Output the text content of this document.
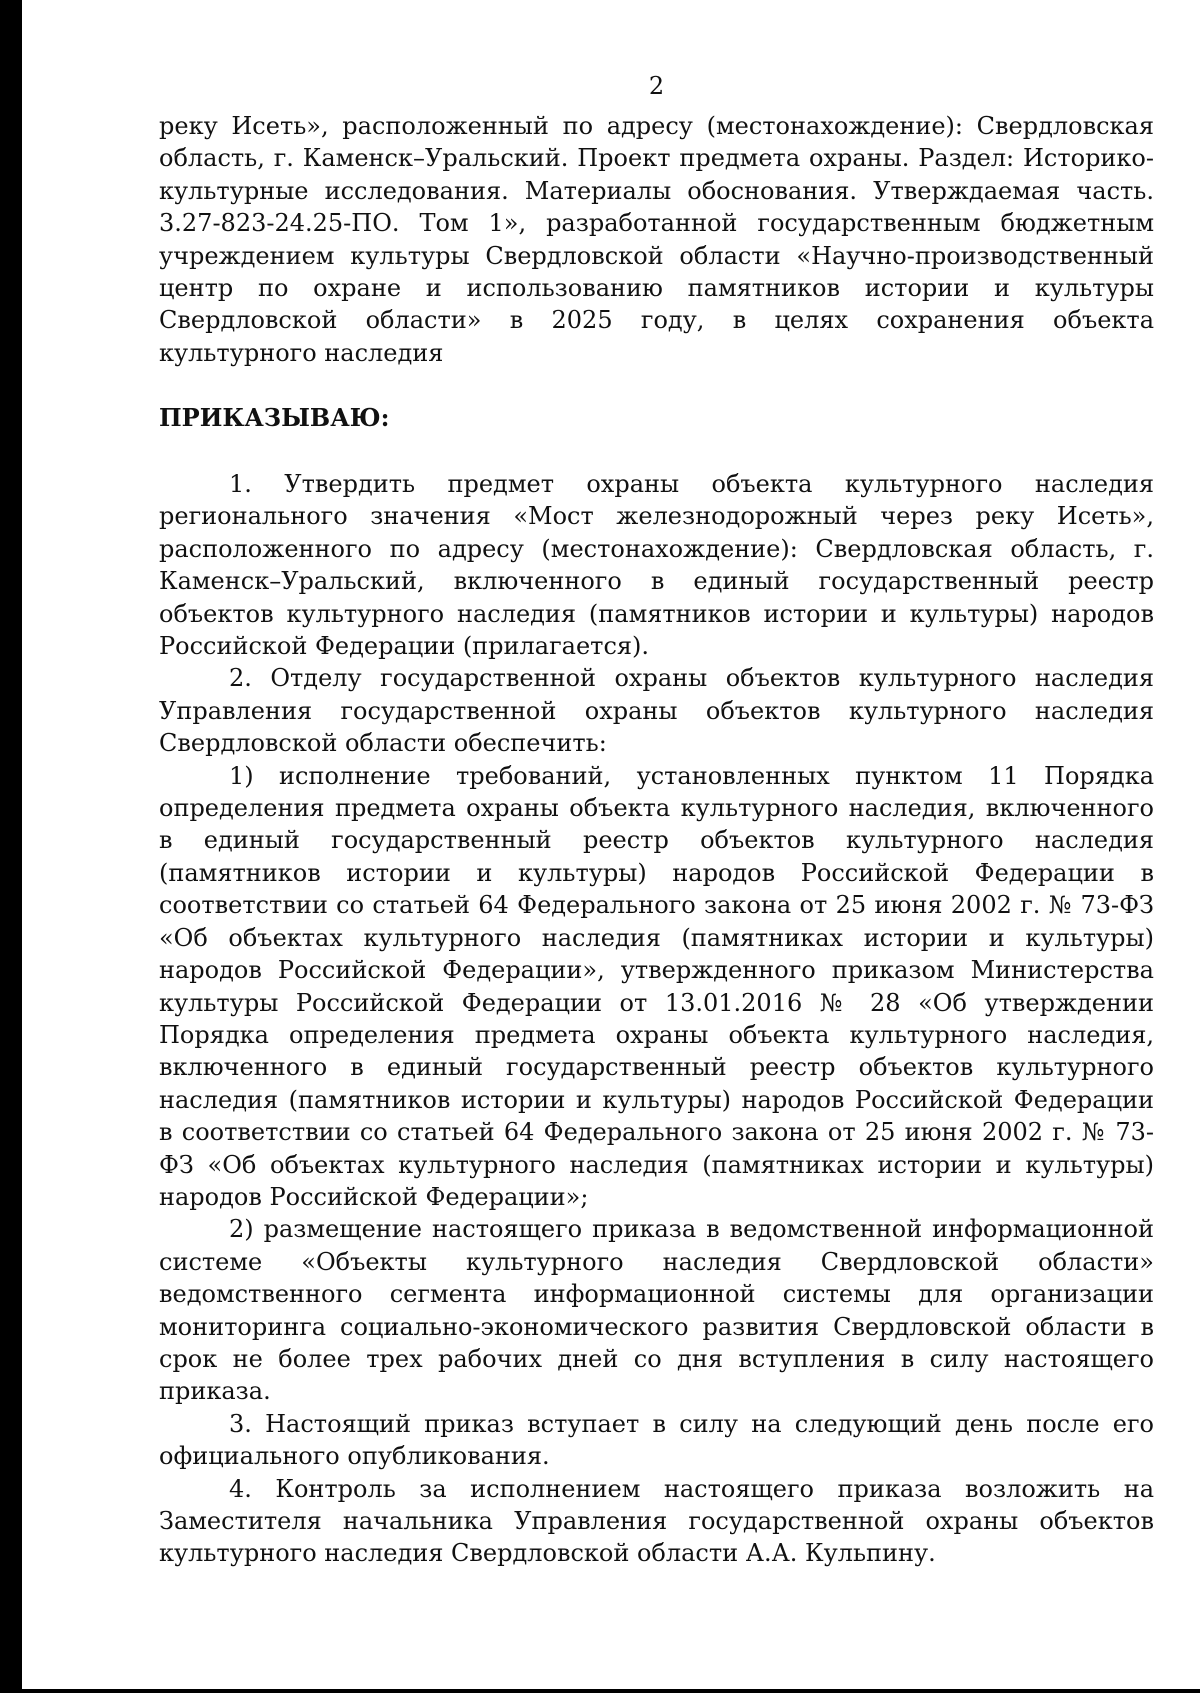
2

реку Исеть», расположенный по адресу (местонахождение): Свердловская область, г. Каменск–Уральский. Проект предмета охраны. Раздел: Историко-культурные исследования. Материалы обоснования. Утверждаемая часть. 3.27-823-24.25-ПО. Том 1», разработанной государственным бюджетным учреждением культуры Свердловской области «Научно-производственный центр по охране и использованию памятников истории и культуры Свердловской области» в 2025 году, в целях сохранения объекта культурного наследия

ПРИКАЗЫВАЮ:

1. Утвердить предмет охраны объекта культурного наследия регионального значения «Мост железнодорожный через реку Исеть», расположенного по адресу (местонахождение): Свердловская область, г. Каменск–Уральский, включенного в единый государственный реестр объектов культурного наследия (памятников истории и культуры) народов Российской Федерации (прилагается).

2. Отделу государственной охраны объектов культурного наследия Управления государственной охраны объектов культурного наследия Свердловской области обеспечить:

1) исполнение требований, установленных пунктом 11 Порядка определения предмета охраны объекта культурного наследия, включенного в единый государственный реестр объектов культурного наследия (памятников истории и культуры) народов Российской Федерации в соответствии со статьей 64 Федерального закона от 25 июня 2002 г. № 73-ФЗ «Об объектах культурного наследия (памятниках истории и культуры) народов Российской Федерации», утвержденного приказом Министерства культуры Российской Федерации от 13.01.2016 № 28 «Об утверждении Порядка определения предмета охраны объекта культурного наследия, включенного в единый государственный реестр объектов культурного наследия (памятников истории и культуры) народов Российской Федерации в соответствии со статьей 64 Федерального закона от 25 июня 2002 г. № 73-ФЗ «Об объектах культурного наследия (памятниках истории и культуры) народов Российской Федерации»;

2) размещение настоящего приказа в ведомственной информационной системе «Объекты культурного наследия Свердловской области» ведомственного сегмента информационной системы для организации мониторинга социально-экономического развития Свердловской области в срок не более трех рабочих дней со дня вступления в силу настоящего приказа.

3. Настоящий приказ вступает в силу на следующий день после его официального опубликования.

4. Контроль за исполнением настоящего приказа возложить на Заместителя начальника Управления государственной охраны объектов культурного наследия Свердловской области А.А. Кульпину.
